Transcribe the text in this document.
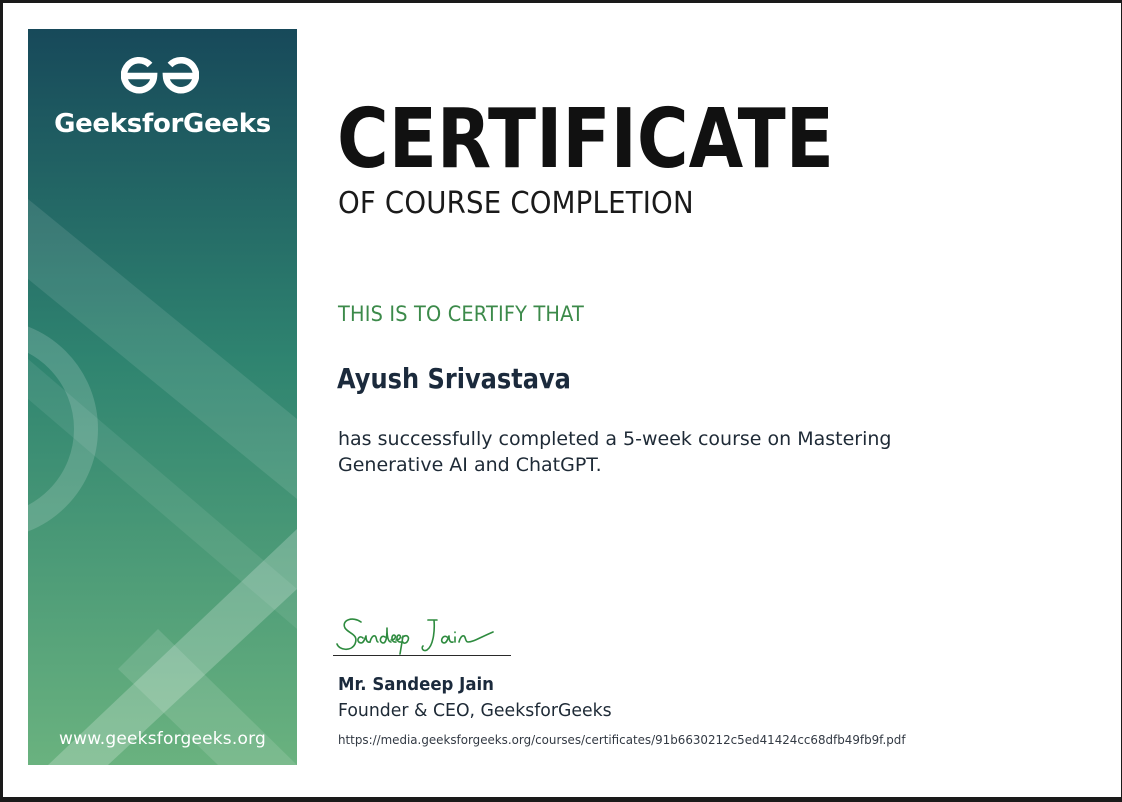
GeeksforGeeks
www.geeksforgeeks.org
CERTIFICATE
OF COURSE COMPLETION
THIS IS TO CERTIFY THAT
Ayush Srivastava
has successfully completed a 5-week course on Mastering Generative AI and ChatGPT.
Mr. Sandeep Jain
Founder & CEO, GeeksforGeeks
https://media.geeksforgeeks.org/courses/certificates/91b6630212c5ed41424cc68dfb49fb9f.pdf
